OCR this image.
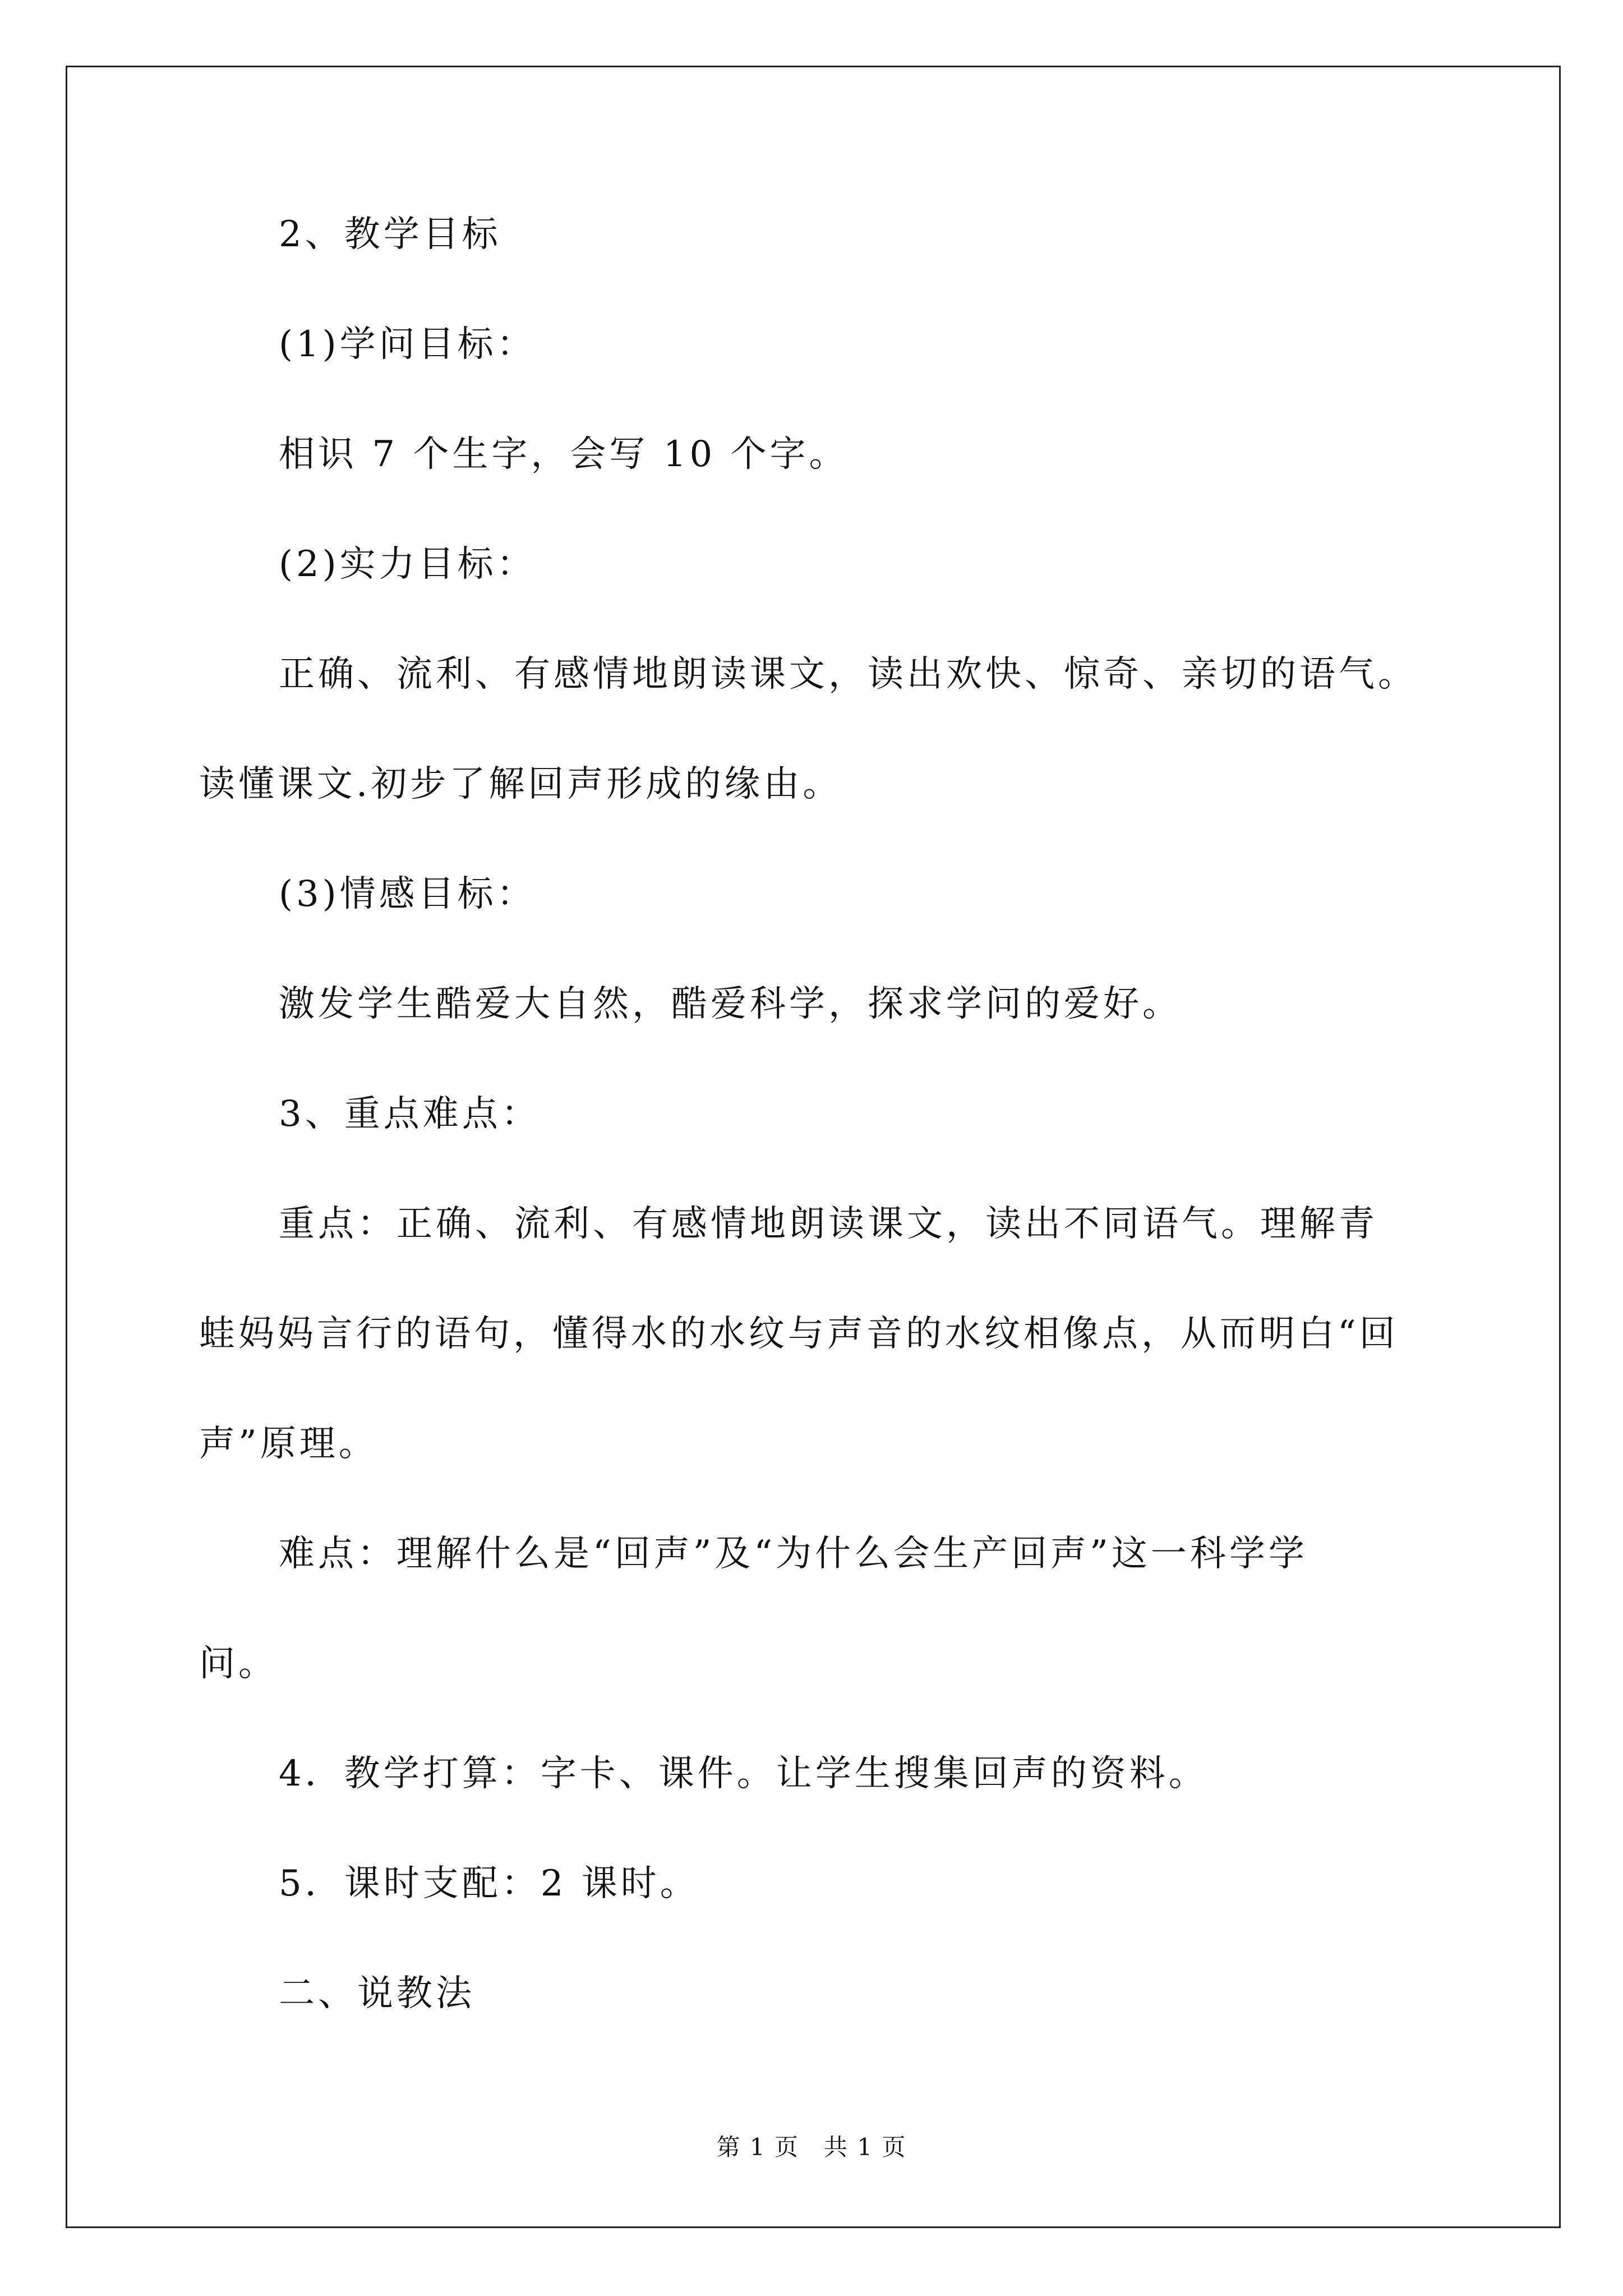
2、教学目标

(1)学问目标：

相识 7 个生字，会写 10 个字。

(2)实力目标：

正确、流利、有感情地朗读课文，读出欢快、惊奇、亲切的语气。

读懂课文.初步了解回声形成的缘由。

(3)情感目标：

激发学生酷爱大自然，酷爱科学，探求学问的爱好。

3、重点难点：

重点：正确、流利、有感情地朗读课文，读出不同语气。理解青

蛙妈妈言行的语句，懂得水的水纹与声音的水纹相像点，从而明白“回

声”原理。

难点：理解什么是“回声”及“为什么会生产回声”这一科学学

问。

4．教学打算：字卡、课件。让学生搜集回声的资料。

5．课时支配：2 课时。

二、说教法

第 1 页　共 1 页
